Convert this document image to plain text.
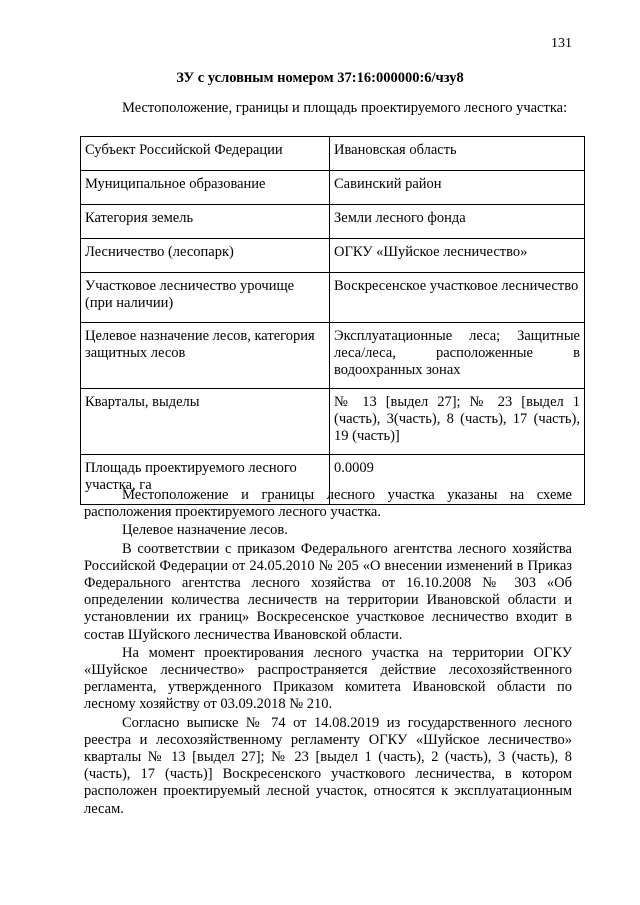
131
ЗУ с условным номером 37:16:000000:6/чзу8

Местоположение, границы и площадь проектируемого лесного участка:

Субъект Российской Федерации	Ивановская область
Муниципальное образование	Савинский район
Категория земель	Земли лесного фонда
Лесничество (лесопарк)	ОГКУ «Шуйское лесничество»
Участковое лесничество урочище (при наличии)	Воскресенское участковое лесничество
Целевое назначение лесов, категория защитных лесов	Эксплуатационные леса; Защитные леса/леса, расположенные в водоохранных зонах
Кварталы, выделы	№ 13 [выдел 27]; № 23 [выдел 1 (часть), 3(часть), 8 (часть), 17 (часть), 19 (часть)]
Площадь проектируемого лесного участка, га	0.0009

Местоположение и границы лесного участка указаны на схеме расположения проектируемого лесного участка.

Целевое назначение лесов.

В соответствии с приказом Федерального агентства лесного хозяйства Российской Федерации от 24.05.2010 № 205 «О внесении изменений в Приказ Федерального агентства лесного хозяйства от 16.10.2008 № 303 «Об определении количества лесничеств на территории Ивановской области и установлении их границ» Воскресенское участковое лесничество входит в состав Шуйского лесничества Ивановской области.

На момент проектирования лесного участка на территории ОГКУ «Шуйское лесничество» распространяется действие лесохозяйственного регламента, утвержденного Приказом комитета Ивановской области по лесному хозяйству от 03.09.2018 № 210.

Согласно выписке № 74 от 14.08.2019 из государственного лесного реестра и лесохозяйственному регламенту ОГКУ «Шуйское лесничество» кварталы № 13 [выдел 27]; № 23 [выдел 1 (часть), 2 (часть), 3 (часть), 8 (часть), 17 (часть)] Воскресенского участкового лесничества, в котором расположен проектируемый лесной участок, относятся к эксплуатационным лесам.
